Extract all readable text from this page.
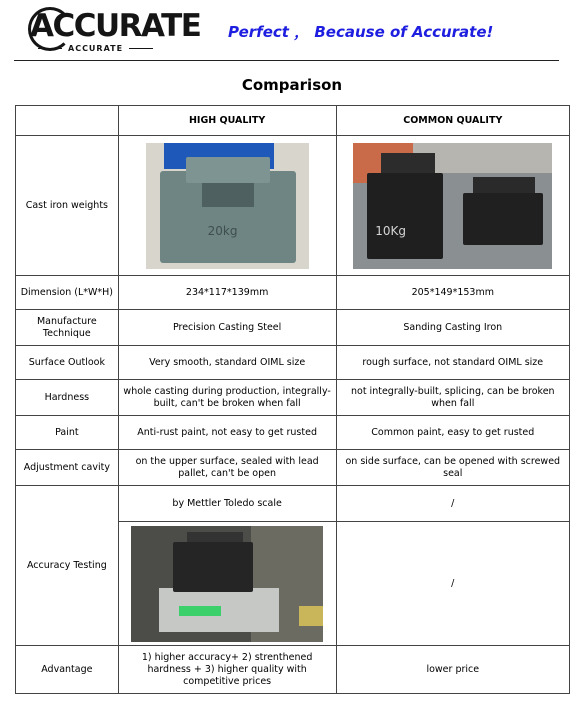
ACCURATE
ACCURATE
Perfect ， Because of Accurate!
Comparison
	HIGH QUALITY	COMMON QUALITY
Cast iron weights	20kg	10Kg

Dimension (L*W*H)	234*117*139mm	205*149*153mm
Manufacture Technique	Precision Casting Steel	Sanding Casting Iron
Surface Outlook	Very smooth, standard OIML size	rough surface, not standard OIML size
Hardness	whole casting during production, integrally-built, can't be broken when fall	not integrally-built, splicing, can be broken when fall
Paint	Anti-rust paint, not easy to get rusted	Common paint, easy to get rusted
Adjustment cavity	on the upper surface, sealed with lead pallet, can't be open	on side surface, can be opened with screwed seal
Accuracy Testing	by Mettler Toledo scale	/

		/
Advantage	1) higher accuracy+ 2) strenthened hardness + 3) higher quality with competitive prices	lower price
